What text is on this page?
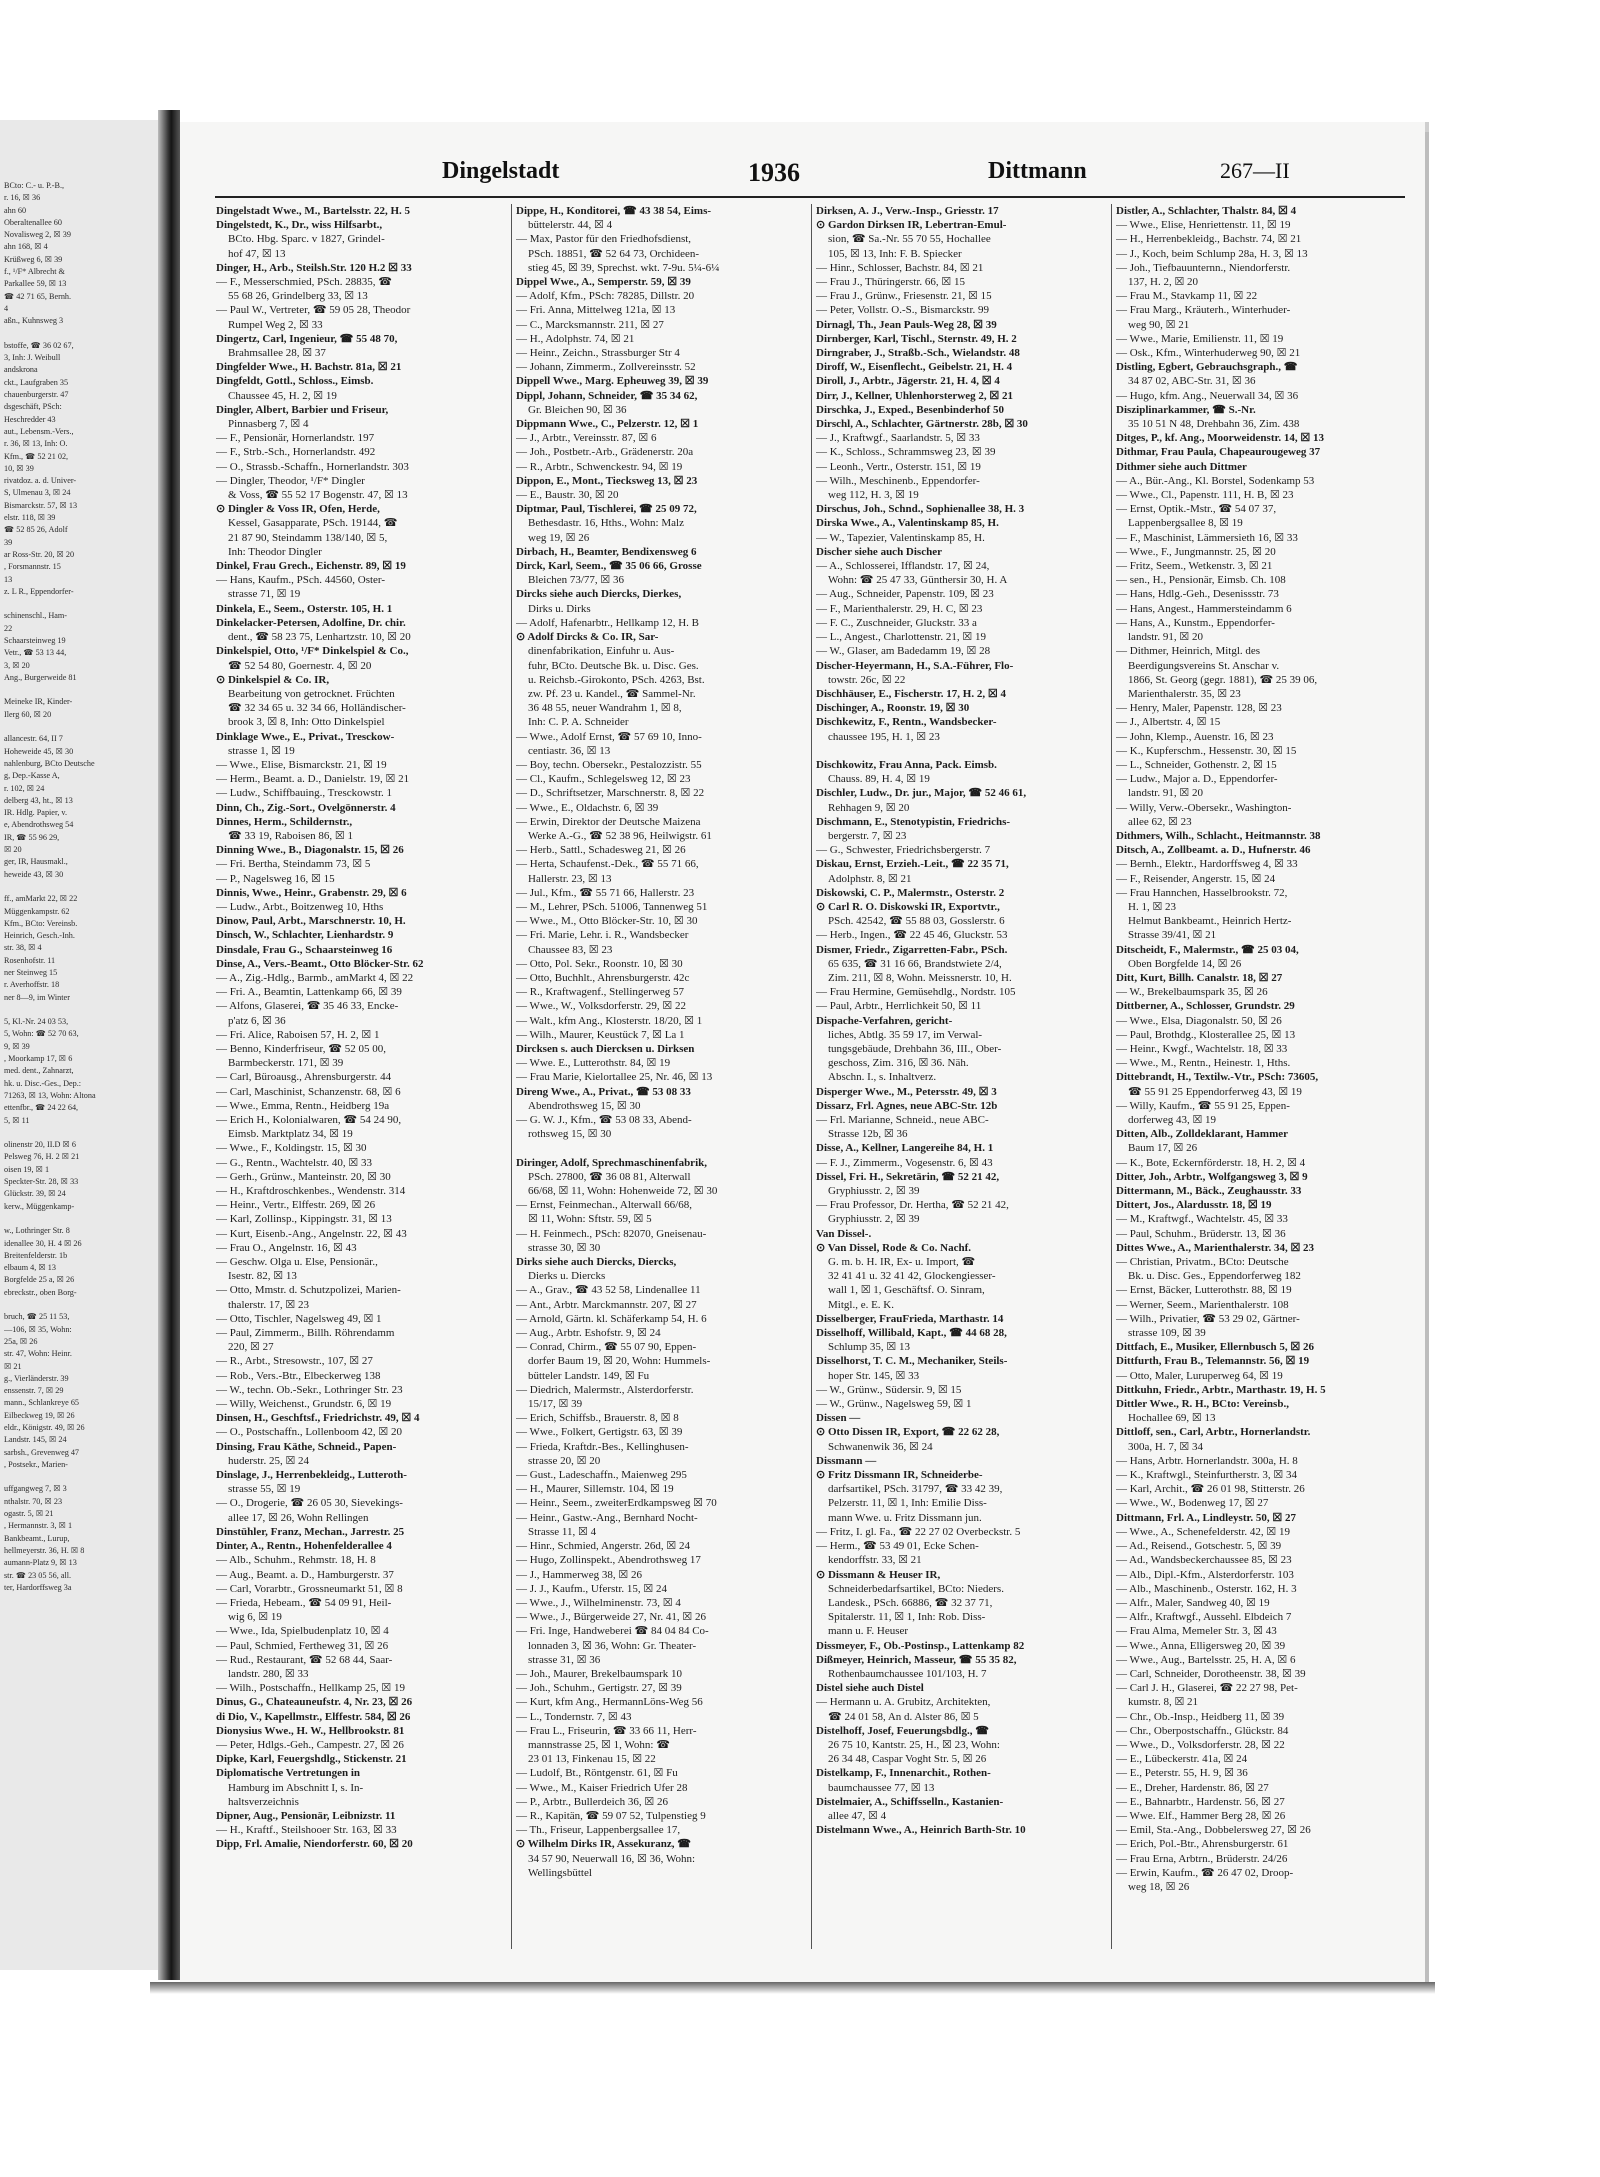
BCto: C.- u. P.-B.,
r. 16, ☒ 36
ahn 60
Oberaltenallee 60
Novalisweg 2, ☒ 39
ahn 168, ☒ 4
Krüßweg 6, ☒ 39
f., ¹/F* Albrecht &
Parkallee 59, ☒ 13
☎ 42 71 65, Bernh.
4
aßn., Kuhnsweg 3

bstoffe, ☎ 36 02 67,
3, Inh: J. Weibull
andskrona
ckt., Laufgraben 35
chauenburgerstr. 47
dsgeschäft, PSch:
Heschredder 43
aut., Lebensm.-Vers.,
r. 36, ☒ 13, Inh: O.
Kfm., ☎ 52 21 02,
10, ☒ 39
rivatdoz. a. d. Univer-
S, Ulmenau 3, ☒ 24
Bismarckstr. 57, ☒ 13
elstr. 118, ☒ 39
☎ 52 85 26, Adolf
39
ar Ross-Str. 20, ☒ 20
, Forsmannstr. 15
13
z. L R., Eppendorfer-

schinenschl., Ham-
22
Schaarsteinweg 19
Vetr., ☎ 53 13 44,
3, ☒ 20
Ang., Burgerweide 81

Meineke IR, Kinder-
Ilerg 60, ☒ 20

allancestr. 64, II 7
Hoheweide 45, ☒ 30
nahlenburg, BCto Deutsche
g, Dep.-Kasse A,
r. 102, ☒ 24
delberg 43, ht., ☒ 13
IR. Hdlg. Papier, v.
e, Abendrothsweg 54
IR, ☎ 55 96 29,
☒ 20
ger, IR, Hausmakl.,
heweide 43, ☒ 30

ff., amMarkt 22, ☒ 22
Müggenkampstr. 62
Kfm., BCto: Vereinsb.
Heinrich, Gesch.-Inh.
str. 38, ☒ 4
Rosenhofstr. 11
ner Steinweg 15
r. Averhoffstr. 18
ner 8—9, im Winter

5, Kl.-Nr. 24 03 53,
5, Wohn: ☎ 52 70 63,
9, ☒ 39
, Moorkamp 17, ☒ 6
med. dent., Zahnarzt,
hk. u. Disc.-Ges., Dep.:
71263, ☒ 13, Wohn: Altona
ettenfbr., ☎ 24 22 64,
5, ☒ 11

olinenstr 20, II.D ☒ 6
Pelsweg 76, H. 2 ☒ 21
oisen 19, ☒ 1
Speckter-Str. 28, ☒ 33
Glückstr. 39, ☒ 24
kerw., Müggenkamp-

w., Lothringer Str. 8
idenallee 30, H. 4 ☒ 26
Breitenfelderstr. 1b
elbaum 4, ☒ 13
Borgfelde 25 a, ☒ 26
ebreckstr., oben Borg-

bruch, ☎ 25 11 53,
—106, ☒ 35, Wohn:
25a, ☒ 26
str. 47, Wohn: Heinr.
☒ 21
g., Vierländerstr. 39
enssenstr. 7, ☒ 29
mann., Schlankreye 65
Eilbeckweg 19, ☒ 26
eldr., Königstr. 49, ☒ 26
Landstr. 145, ☒ 24
sarbsh., Grevenweg 47
, Postsekr., Marien-

uffgangweg 7, ☒ 3
nthalstr. 70, ☒ 23
ogastr. 5, ☒ 21
, Hermannstr. 3, ☒ 1
Bankbeamt., Lurup,
hellmeyerstr. 36, H. ☒ 8
aumann-Platz 9, ☒ 13
str. ☎ 23 05 56, all.
ter, Hardorffsweg 3a
Dingelstadt	1936	Dittmann	267—II
Dingelstadt Wwe., M., Bartelsstr. 22, H. 5
Dingelstedt, K., Dr., wiss Hilfsarbt.,
BCto. Hbg. Sparc. v 1827, Grindel-
hof 47, ☒ 13
Dinger, H., Arb., Steilsh.Str. 120 H.2 ☒ 33
— F., Messerschmied, PSch. 28835, ☎
55 68 26, Grindelberg 33, ☒ 13
— Paul W., Vertreter, ☎ 59 05 28, Theodor
Rumpel Weg 2, ☒ 33
Dingertz, Carl, Ingenieur, ☎ 55 48 70,
Brahmsallee 28, ☒ 37
Dingfelder Wwe., H. Bachstr. 81a, ☒ 21
Dingfeldt, Gottl., Schloss., Eimsb.
Chaussee 45, H. 2, ☒ 19
Dingler, Albert, Barbier und Friseur,
Pinnasberg 7, ☒ 4
— F., Pensionär, Hornerlandstr. 197
— F., Strb.-Sch., Hornerlandstr. 492
— O., Strassb.-Schaffn., Hornerlandstr. 303
— Dingler, Theodor, ¹/F* Dingler
& Voss, ☎ 55 52 17 Bogenstr. 47, ☒ 13
⊙ Dingler & Voss IR, Ofen, Herde,
Kessel, Gasapparate, PSch. 19144, ☎
21 87 90, Steindamm 138/140, ☒ 5,
Inh: Theodor Dingler
Dinkel, Frau Grech., Eichenstr. 89, ☒ 19
— Hans, Kaufm., PSch. 44560, Oster-
strasse 71, ☒ 19
Dinkela, E., Seem., Osterstr. 105, H. 1
Dinkelacker-Petersen, Adolfine, Dr. chir.
dent., ☎ 58 23 75, Lenhartzstr. 10, ☒ 20
Dinkelspiel, Otto, ¹/F* Dinkelspiel & Co.,
☎ 52 54 80, Goernestr. 4, ☒ 20
⊙ Dinkelspiel & Co. IR,
Bearbeitung von getrocknet. Früchten
☎ 32 34 65 u. 32 34 66, Holländischer-
brook 3, ☒ 8, Inh: Otto Dinkelspiel
Dinklage Wwe., E., Privat., Tresckow-
strasse 1, ☒ 19
— Wwe., Elise, Bismarckstr. 21, ☒ 19
— Herm., Beamt. a. D., Danielstr. 19, ☒ 21
— Ludw., Schiffbauing., Tresckowstr. 1
Dinn, Ch., Zig.-Sort., Ovelgönnerstr. 4
Dinnes, Herm., Schildernstr.,
☎ 33 19, Raboisen 86, ☒ 1
Dinning Wwe., B., Diagonalstr. 15, ☒ 26
— Fri. Bertha, Steindamm 73, ☒ 5
— P., Nagelsweg 16, ☒ 15
Dinnis, Wwe., Heinr., Grabenstr. 29, ☒ 6
— Ludw., Arbt., Boitzenweg 10, Hths
Dinow, Paul, Arbt., Marschnerstr. 10, H.
Dinsch, W., Schlachter, Lienhardstr. 9
Dinsdale, Frau G., Schaarsteinweg 16
Dinse, A., Vers.-Beamt., Otto Blöcker-Str. 62
— A., Zig.-Hdlg., Barmb., amMarkt 4, ☒ 22
— Fri. A., Beamtin, Lattenkamp 66, ☒ 39
— Alfons, Glaserei, ☎ 35 46 33, Encke-
p'atz 6, ☒ 36
— Fri. Alice, Raboisen 57, H. 2, ☒ 1
— Benno, Kinderfriseur, ☎ 52 05 00,
Barmbeckerstr. 171, ☒ 39
— Carl, Büroausg., Ahrensburgerstr. 44
— Carl, Maschinist, Schanzenstr. 68, ☒ 6
— Wwe., Emma, Rentn., Heidberg 19a
— Erich H., Kolonialwaren, ☎ 54 24 90,
Eimsb. Marktplatz 34, ☒ 19
— Wwe., F., Koldingstr. 15, ☒ 30
— G., Rentn., Wachtelstr. 40, ☒ 33
— Gerh., Grünw., Manteinstr. 20, ☒ 30
— H., Kraftdroschkenbes., Wendenstr. 314
— Heinr., Vertr., Elffestr. 269, ☒ 26
— Karl, Zollinsp., Kippingstr. 31, ☒ 13
— Kurt, Eisenb.-Ang., Angelnstr. 22, ☒ 43
— Frau O., Angelnstr. 16, ☒ 43
— Geschw. Olga u. Else, Pensionär.,
Isestr. 82, ☒ 13
— Otto, Mmstr. d. Schutzpolizei, Marien-
thalerstr. 17, ☒ 23
— Otto, Tischler, Nagelsweg 49, ☒ 1
— Paul, Zimmerm., Billh. Röhrendamm
220, ☒ 27
— R., Arbt., Stresowstr., 107, ☒ 27
— Rob., Vers.-Btr., Elbeckerweg 138
— W., techn. Ob.-Sekr., Lothringer Str. 23
— Willy, Weichenst., Grundstr. 6, ☒ 19
Dinsen, H., Geschftsf., Friedrichstr. 49, ☒ 4
— O., Postschaffn., Lollenboom 42, ☒ 20
Dinsing, Frau Käthe, Schneid., Papen-
huderstr. 25, ☒ 24
Dinslage, J., Herrenbekleidg., Lutteroth-
strasse 55, ☒ 19
— O., Drogerie, ☎ 26 05 30, Sievekings-
allee 17, ☒ 26, Wohn Rellingen
Dinstühler, Franz, Mechan., Jarrestr. 25
Dinter, A., Rentn., Hohenfelderallee 4
— Alb., Schuhm., Rehmstr. 18, H. 8
— Aug., Beamt. a. D., Hamburgerstr. 37
— Carl, Vorarbtr., Grossneumarkt 51, ☒ 8
— Frieda, Hebeam., ☎ 54 09 91, Heil-
wig 6, ☒ 19
— Wwe., Ida, Spielbudenplatz 10, ☒ 4
— Paul, Schmied, Fertheweg 31, ☒ 26
— Rud., Restaurant, ☎ 52 68 44, Saar-
landstr. 280, ☒ 33
— Wilh., Postschaffn., Hellkamp 25, ☒ 19
Dinus, G., Chateauneufstr. 4, Nr. 23, ☒ 26
di Dio, V., Kapellmstr., Elffestr. 584, ☒ 26
Dionysius Wwe., H. W., Hellbrookstr. 81
— Peter, Hdlgs.-Geh., Campestr. 27, ☒ 26
Dipke, Karl, Feuergshdlg., Stickenstr. 21
Diplomatische Vertretungen in
Hamburg im Abschnitt I, s. In-
haltsverzeichnis
Dipner, Aug., Pensionär, Leibnizstr. 11
— H., Kraftf., Steilshooer Str. 163, ☒ 33
Dipp, Frl. Amalie, Niendorferstr. 60, ☒ 20
Dippe, H., Konditorei, ☎ 43 38 54, Eims-
büttelerstr. 44, ☒ 4
— Max, Pastor für den Friedhofsdienst,
PSch. 18851, ☎ 52 64 73, Orchideen-
stieg 45, ☒ 39, Sprechst. wkt. 7-9u. 5¼-6¼
Dippel Wwe., A., Semperstr. 59, ☒ 39
— Adolf, Kfm., PSch: 78285, Dillstr. 20
— Fri. Anna, Mittelweg 121a, ☒ 13
— C., Marcksmannstr. 211, ☒ 27
— H., Adolphstr. 74, ☒ 21
— Heinr., Zeichn., Strassburger Str 4
— Johann, Zimmerm., Zollvereinsstr. 52
Dippell Wwe., Marg. Epheuweg 39, ☒ 39
Dippl, Johann, Schneider, ☎ 35 34 62,
Gr. Bleichen 90, ☒ 36
Dippmann Wwe., C., Pelzerstr. 12, ☒ 1
— J., Arbtr., Vereinsstr. 87, ☒ 6
— Joh., Postbetr.-Arb., Grädenerstr. 20a
— R., Arbtr., Schwenckestr. 94, ☒ 19
Dippon, E., Mont., Tiecksweg 13, ☒ 23
— E., Baustr. 30, ☒ 20
Diptmar, Paul, Tischlerei, ☎ 25 09 72,
Bethesdastr. 16, Hths., Wohn: Malz
weg 19, ☒ 26
Dirbach, H., Beamter, Bendixensweg 6
Dirck, Karl, Seem., ☎ 35 06 66, Grosse
Bleichen 73/77, ☒ 36
Dircks siehe auch Diercks, Dierkes,
Dirks u. Dirks
— Adolf, Hafenarbtr., Hellkamp 12, H. B
⊙ Adolf Dircks & Co. IR, Sar-
dinenfabrikation, Einfuhr u. Aus-
fuhr, BCto. Deutsche Bk. u. Disc. Ges.
u. Reichsb.-Girokonto, PSch. 4263, Bst.
zw. Pf. 23 u. Kandel., ☎ Sammel-Nr.
36 48 55, neuer Wandrahm 1, ☒ 8,
Inh: C. P. A. Schneider
— Wwe., Adolf Ernst, ☎ 57 69 10, Inno-
centiastr. 36, ☒ 13
— Boy, techn. Obersekr., Pestalozzistr. 55
— Cl., Kaufm., Schlegelsweg 12, ☒ 23
— D., Schriftsetzer, Marschnerstr. 8, ☒ 22
— Wwe., E., Oldachstr. 6, ☒ 39
— Erwin, Direktor der Deutsche Maizena
Werke A.-G., ☎ 52 38 96, Heilwigstr. 61
— Herb., Sattl., Schadesweg 21, ☒ 26
— Herta, Schaufenst.-Dek., ☎ 55 71 66,
Hallerstr. 23, ☒ 13
— Jul., Kfm., ☎ 55 71 66, Hallerstr. 23
— M., Lehrer, PSch. 51006, Tannenweg 51
— Wwe., M., Otto Blöcker-Str. 10, ☒ 30
— Fri. Marie, Lehr. i. R., Wandsbecker
Chaussee 83, ☒ 23
— Otto, Pol. Sekr., Roonstr. 10, ☒ 30
— Otto, Buchhlt., Ahrensburgerstr. 42c
— R., Kraftwagenf., Stellingerweg 57
— Wwe., W., Volksdorferstr. 29, ☒ 22
— Walt., kfm Ang., Klosterstr. 18/20, ☒ 1
— Wilh., Maurer, Keustück 7, ☒ La 1
Dircksen s. auch Diercksen u. Dirksen
— Wwe. E., Lutterothstr. 84, ☒ 19
— Frau Marie, Kielortallee 25, Nr. 46, ☒ 13
Direng Wwe., A., Privat., ☎ 53 08 33
Abendrothsweg 15, ☒ 30
— G. W. J., Kfm., ☎ 53 08 33, Abend-
rothsweg 15, ☒ 30

Diringer, Adolf, Sprechmaschinenfabrik,
PSch. 27800, ☎ 36 08 81, Alterwall
66/68, ☒ 11, Wohn: Hohenweide 72, ☒ 30
— Ernst, Feinmechan., Alterwall 66/68,
☒ 11, Wohn: Sftstr. 59, ☒ 5
— H. Feinmech., PSch: 82070, Gneisenau-
strasse 30, ☒ 30
Dirks siehe auch Diercks, Diercks,
Dierks u. Diercks
— A., Grav., ☎ 43 52 58, Lindenallee 11
— Ant., Arbtr. Marckmannstr. 207, ☒ 27
— Arnold, Gärtn. kl. Schäferkamp 54, H. 6
— Aug., Arbtr. Eshofstr. 9, ☒ 24
— Conrad, Chirm., ☎ 55 07 90, Eppen-
dorfer Baum 19, ☒ 20, Wohn: Hummels-
bütteler Landstr. 149, ☒ Fu
— Diedrich, Malermstr., Alsterdorferstr.
15/17, ☒ 39
— Erich, Schiffsb., Brauerstr. 8, ☒ 8
— Wwe., Folkert, Gertigstr. 63, ☒ 39
— Frieda, Kraftdr.-Bes., Kellinghusen-
strasse 20, ☒ 20
— Gust., Ladeschaffn., Maienweg 295
— H., Maurer, Sillemstr. 104, ☒ 19
— Heinr., Seem., zweiterErdkampsweg ☒ 70
— Heinr., Gastw.-Ang., Bernhard Nocht-
Strasse 11, ☒ 4
— Hinr., Schmied, Angerstr. 26d, ☒ 24
— Hugo, Zollinspekt., Abendrothsweg 17
— J., Hammerweg 38, ☒ 26
— J. J., Kaufm., Uferstr. 15, ☒ 24
— Wwe., J., Wilhelminenstr. 73, ☒ 4
— Wwe., J., Bürgerweide 27, Nr. 41, ☒ 26
— Fri. Inge, Handweberei ☎ 84 04 84 Co-
lonnaden 3, ☒ 36, Wohn: Gr. Theater-
strasse 31, ☒ 36
— Joh., Maurer, Brekelbaumspark 10
— Joh., Schuhm., Gertigstr. 27, ☒ 39
— Kurt, kfm Ang., HermannLöns-Weg 56
— L., Tondernstr. 7, ☒ 43
— Frau L., Friseurin, ☎ 33 66 11, Herr-
mannstrasse 25, ☒ 1, Wohn: ☎
23 01 13, Finkenau 15, ☒ 22
— Ludolf, Bt., Röntgenstr. 61, ☒ Fu
— Wwe., M., Kaiser Friedrich Ufer 28
— P., Arbtr., Bullerdeich 36, ☒ 26
— R., Kapitän, ☎ 59 07 52, Tulpenstieg 9
— Th., Friseur, Lappenbergsallee 17,
⊙ Wilhelm Dirks IR, Assekuranz, ☎
34 57 90, Neuerwall 16, ☒ 36, Wohn:
Wellingsbüttel
Dirksen, A. J., Verw.-Insp., Griesstr. 17
⊙ Gardon Dirksen IR, Lebertran-Emul-
sion, ☎ Sa.-Nr. 55 70 55, Hochallee
105, ☒ 13, Inh: F. B. Spiecker
— Hinr., Schlosser, Bachstr. 84, ☒ 21
— Frau J., Thüringerstr. 66, ☒ 15
— Frau J., Grünw., Friesenstr. 21, ☒ 15
— Peter, Vollstr. O.-S., Bismarckstr. 99
Dirnagl, Th., Jean Pauls-Weg 28, ☒ 39
Dirnberger, Karl, Tischl., Sternstr. 49, H. 2
Dirngraber, J., Straßb.-Sch., Wielandstr. 48
Diroff, W., Eisenflecht., Geibelstr. 21, H. 4
Diroll, J., Arbtr., Jägerstr. 21, H. 4, ☒ 4
Dirr, J., Kellner, Uhlenhorsterweg 2, ☒ 21
Dirschka, J., Exped., Besenbinderhof 50
Dirschl, A., Schlachter, Gärtnerstr. 28b, ☒ 30
— J., Kraftwgf., Saarlandstr. 5, ☒ 33
— K., Schloss., Schrammsweg 23, ☒ 39
— Leonh., Vertr., Osterstr. 151, ☒ 19
— Wilh., Meschinenb., Eppendorfer-
weg 112, H. 3, ☒ 19
Dirschus, Joh., Schnd., Sophienallee 38, H. 3
Dirska Wwe., A., Valentinskamp 85, H.
— W., Tapezier, Valentinskamp 85, H.
Discher siehe auch Discher
— A., Schlosserei, Ifflandstr. 17, ☒ 24,
Wohn: ☎ 25 47 33, Günthersir 30, H. A
— Aug., Schneider, Papenstr. 109, ☒ 23
— F., Marienthalerstr. 29, H. C, ☒ 23
— F. C., Zuschneider, Gluckstr. 33 a
— L., Angest., Charlottenstr. 21, ☒ 19
— W., Glaser, am Badedamm 19, ☒ 28
Discher-Heyermann, H., S.A.-Führer, Flo-
towstr. 26c, ☒ 22
Dischhäuser, E., Fischerstr. 17, H. 2, ☒ 4
Dischinger, A., Roonstr. 19, ☒ 30
Dischkewitz, F., Rentn., Wandsbecker-
chaussee 195, H. 1, ☒ 23

Dischkowitz, Frau Anna, Pack. Eimsb.
Chauss. 89, H. 4, ☒ 19
Dischler, Ludw., Dr. jur., Major, ☎ 52 46 61,
Rehhagen 9, ☒ 20
Dischmann, E., Stenotypistin, Friedrichs-
bergerstr. 7, ☒ 23
— G., Schwester, Friedrichsbergerstr. 7
Diskau, Ernst, Erzieh.-Leit., ☎ 22 35 71,
Adolphstr. 8, ☒ 21
Diskowski, C. P., Malermstr., Osterstr. 2
⊙ Carl R. O. Diskowski IR, Exportvtr.,
PSch. 42542, ☎ 55 88 03, Gosslerstr. 6
— Herb., Ingen., ☎ 22 45 46, Gluckstr. 53
Dismer, Friedr., Zigarretten-Fabr., PSch.
65 635, ☎ 31 16 66, Brandstwiete 2/4,
Zim. 211, ☒ 8, Wohn. Meissnerstr. 10, H.
— Frau Hermine, Gemüsehdlg., Nordstr. 105
— Paul, Arbtr., Herrlichkeit 50, ☒ 11
Dispache-Verfahren, gericht-
liches, Abtlg. 35 59 17, im Verwal-
tungsgebäude, Drehbahn 36, III., Ober-
geschoss, Zim. 316, ☒ 36. Näh.
Abschn. I., s. Inhaltverz.
Disperger Wwe., M., Petersstr. 49, ☒ 3
Dissarz, Frl. Agnes, neue ABC-Str. 12b
— Frl. Marianne, Schneid., neue ABC-
Strasse 12b, ☒ 36
Disse, A., Kellner, Langereihe 84, H. 1
— F. J., Zimmerm., Vogesenstr. 6, ☒ 43
Dissel, Fri. H., Sekretärin, ☎ 52 21 42,
Gryphiusstr. 2, ☒ 39
— Frau Professor, Dr. Hertha, ☎ 52 21 42,
Gryphiusstr. 2, ☒ 39
Van Dissel-.
⊙ Van Dissel, Rode & Co. Nachf.
G. m. b. H. IR, Ex- u. Import, ☎
32 41 41 u. 32 41 42, Glockengiesser-
wall 1, ☒ 1, Geschäftsf. O. Sinram,
Mitgl., e. E. K.
Disselberger, FrauFrieda, Marthastr. 14
Disselhoff, Willibald, Kapt., ☎ 44 68 28,
Schlump 35, ☒ 13
Disselhorst, T. C. M., Mechaniker, Steils-
hoper Str. 145, ☒ 33
— W., Grünw., Südersir. 9, ☒ 15
— W., Grünw., Nagelsweg 59, ☒ 1
Dissen —
⊙ Otto Dissen IR, Export, ☎ 22 62 28,
Schwanenwik 36, ☒ 24
Dissmann —
⊙ Fritz Dissmann IR, Schneiderbe-
darfsartikel, PSch. 31797, ☎ 33 42 39,
Pelzerstr. 11, ☒ 1, Inh: Emilie Diss-
mann Wwe. u. Fritz Dissmann jun.
— Fritz, I. gl. Fa., ☎ 22 27 02 Overbeckstr. 5
— Herm., ☎ 53 49 01, Ecke Schen-
kendorffstr. 33, ☒ 21
⊙ Dissmann & Heuser IR,
Schneiderbedarfsartikel, BCto: Nieders.
Landesk., PSch. 66886, ☎ 32 37 71,
Spitalerstr. 11, ☒ 1, Inh: Rob. Diss-
mann u. F. Heuser
Dissmeyer, F., Ob.-Postinsp., Lattenkamp 82
Dißmeyer, Heinrich, Masseur, ☎ 55 35 82,
Rothenbaumchaussee 101/103, H. 7
Distel siehe auch Distel
— Hermann u. A. Grubitz, Architekten,
☎ 24 01 58, An d. Alster 86, ☒ 5
Distelhoff, Josef, Feuerungsbdlg., ☎
26 75 10, Kantstr. 25, H., ☒ 23, Wohn:
26 34 48, Caspar Voght Str. 5, ☒ 26
Distelkamp, F., Innenarchit., Rothen-
baumchaussee 77, ☒ 13
Distelmaier, A., Schiffsselln., Kastanien-
allee 47, ☒ 4
Distelmann Wwe., A., Heinrich Barth-Str. 10
Distler, A., Schlachter, Thalstr. 84, ☒ 4
— Wwe., Elise, Henriettenstr. 11, ☒ 19
— H., Herrenbekleidg., Bachstr. 74, ☒ 21
— J., Koch, beim Schlump 28a, H. 3, ☒ 13
— Joh., Tiefbauunternn., Niendorferstr.
137, H. 2, ☒ 20
— Frau M., Stavkamp 11, ☒ 22
— Frau Marg., Kräuterh., Winterhuder-
weg 90, ☒ 21
— Wwe., Marie, Emilienstr. 11, ☒ 19
— Osk., Kfm., Winterhuderweg 90, ☒ 21
Distling, Egbert, Gebrauchsgraph., ☎
34 87 02, ABC-Str. 31, ☒ 36
— Hugo, kfm. Ang., Neuerwall 34, ☒ 36
Disziplinarkammer, ☎ S.-Nr.
35 10 51 N 48, Drehbahn 36, Zim. 438
Ditges, P., kf. Ang., Moorweidenstr. 14, ☒ 13
Dithmar, Frau Paula, Chapeaurougeweg 37
Dithmer siehe auch Dittmer
— A., Bür.-Ang., Kl. Borstel, Sodenkamp 53
— Wwe., Cl., Papenstr. 111, H. B, ☒ 23
— Ernst, Optik.-Mstr., ☎ 54 07 37,
Lappenbergsallee 8, ☒ 19
— F., Maschinist, Lämmersieth 16, ☒ 33
— Wwe., F., Jungmannstr. 25, ☒ 20
— Fritz, Seem., Wetkenstr. 3, ☒ 21
— sen., H., Pensionär, Eimsb. Ch. 108
— Hans, Hdlg.-Geh., Desenissstr. 73
— Hans, Angest., Hammersteindamm 6
— Hans, A., Kunstm., Eppendorfer-
landstr. 91, ☒ 20
— Dithmer, Heinrich, Mitgl. des
Beerdigungsvereins St. Anschar v.
1866, St. Georg (gegr. 1881), ☎ 25 39 06,
Marienthalerstr. 35, ☒ 23
— Henry, Maler, Papenstr. 128, ☒ 23
— J., Albertstr. 4, ☒ 15
— John, Klemp., Auenstr. 16, ☒ 23
— K., Kupferschm., Hessenstr. 30, ☒ 15
— L., Schneider, Gothenstr. 2, ☒ 15
— Ludw., Major a. D., Eppendorfer-
landstr. 91, ☒ 20
— Willy, Verw.-Obersekr., Washington-
allee 62, ☒ 23
Dithmers, Wilh., Schlacht., Heitmannstr. 38
Ditsch, A., Zollbeamt. a. D., Hufnerstr. 46
— Bernh., Elektr., Hardorffsweg 4, ☒ 33
— F., Reisender, Angerstr. 15, ☒ 24
— Frau Hannchen, Hasselbrookstr. 72,
H. 1, ☒ 23
Helmut Bankbeamt., Heinrich Hertz-
Strasse 39/41, ☒ 21
Ditscheidt, F., Malermstr., ☎ 25 03 04,
Oben Borgfelde 14, ☒ 26
Ditt, Kurt, Billh. Canalstr. 18, ☒ 27
— W., Brekelbaumspark 35, ☒ 26
Dittberner, A., Schlosser, Grundstr. 29
— Wwe., Elsa, Diagonalstr. 50, ☒ 26
— Paul, Brothdg., Klosterallee 25, ☒ 13
— Heinr., Kwgf., Wachtelstr. 18, ☒ 33
— Wwe., M., Rentn., Heinestr. 1, Hths.
Dittebrandt, H., Textilw.-Vtr., PSch: 73605,
☎ 55 91 25 Eppendorferweg 43, ☒ 19
— Willy, Kaufm., ☎ 55 91 25, Eppen-
dorferweg 43, ☒ 19
Ditten, Alb., Zolldeklarant, Hammer
Baum 17, ☒ 26
— K., Bote, Eckernförderstr. 18, H. 2, ☒ 4
Ditter, Joh., Arbtr., Wolfgangsweg 3, ☒ 9
Dittermann, M., Bäck., Zeughausstr. 33
Dittert, Jos., Alardusstr. 18, ☒ 19
— M., Kraftwgf., Wachtelstr. 45, ☒ 33
— Paul, Schuhm., Brüderstr. 13, ☒ 36
Dittes Wwe., A., Marienthalerstr. 34, ☒ 23
— Christian, Privatm., BCto: Deutsche
Bk. u. Disc. Ges., Eppendorferweg 182
— Ernst, Bäcker, Lutterothstr. 88, ☒ 19
— Werner, Seem., Marienthalerstr. 108
— Wilh., Privatier, ☎ 53 29 02, Gärtner-
strasse 109, ☒ 39
Dittfach, E., Musiker, Ellernbusch 5, ☒ 26
Dittfurth, Frau B., Telemannstr. 56, ☒ 19
— Otto, Maler, Luruperweg 64, ☒ 19
Dittkuhn, Friedr., Arbtr., Marthastr. 19, H. 5
Dittler Wwe., R. H., BCto: Vereinsb.,
Hochallee 69, ☒ 13
Dittloff, sen., Carl, Arbtr., Hornerlandstr.
300a, H. 7, ☒ 34
— Hans, Arbtr. Hornerlandstr. 300a, H. 8
— K., Kraftwgl., Steinfurtherstr. 3, ☒ 34
— Karl, Archit., ☎ 26 01 98, Stitterstr. 26
— Wwe., W., Bodenweg 17, ☒ 27
Dittmann, Frl. A., Lindleystr. 50, ☒ 27
— Wwe., A., Schenefelderstr. 42, ☒ 19
— Ad., Reisend., Gotschestr. 5, ☒ 39
— Ad., Wandsbeckerchaussee 85, ☒ 23
— Alb., Dipl.-Kfm., Alsterdorferstr. 103
— Alb., Maschinenb., Osterstr. 162, H. 3
— Alfr., Maler, Sandweg 40, ☒ 19
— Alfr., Kraftwgf., Aussehl. Elbdeich 7
— Frau Alma, Memeler Str. 3, ☒ 43
— Wwe., Anna, Elligersweg 20, ☒ 39
— Wwe., Aug., Bartelsstr. 25, H. A, ☒ 6
— Carl, Schneider, Dorotheenstr. 38, ☒ 39
— Carl J. H., Glaserei, ☎ 22 27 98, Pet-
kumstr. 8, ☒ 21
— Chr., Ob.-Insp., Heidberg 11, ☒ 39
— Chr., Oberpostschaffn., Glückstr. 84
— Wwe., D., Volksdorferstr. 28, ☒ 22
— E., Lübeckerstr. 41a, ☒ 24
— E., Peterstr. 55, H. 9, ☒ 36
— E., Dreher, Hardenstr. 86, ☒ 27
— E., Bahnarbtr., Hardenstr. 56, ☒ 27
— Wwe. Elf., Hammer Berg 28, ☒ 26
— Emil, Sta.-Ang., Dobbelersweg 27, ☒ 26
— Erich, Pol.-Btr., Ahrensburgerstr. 61
— Frau Erna, Arbtrn., Brüderstr. 24/26
— Erwin, Kaufm., ☎ 26 47 02, Droop-
weg 18, ☒ 26
